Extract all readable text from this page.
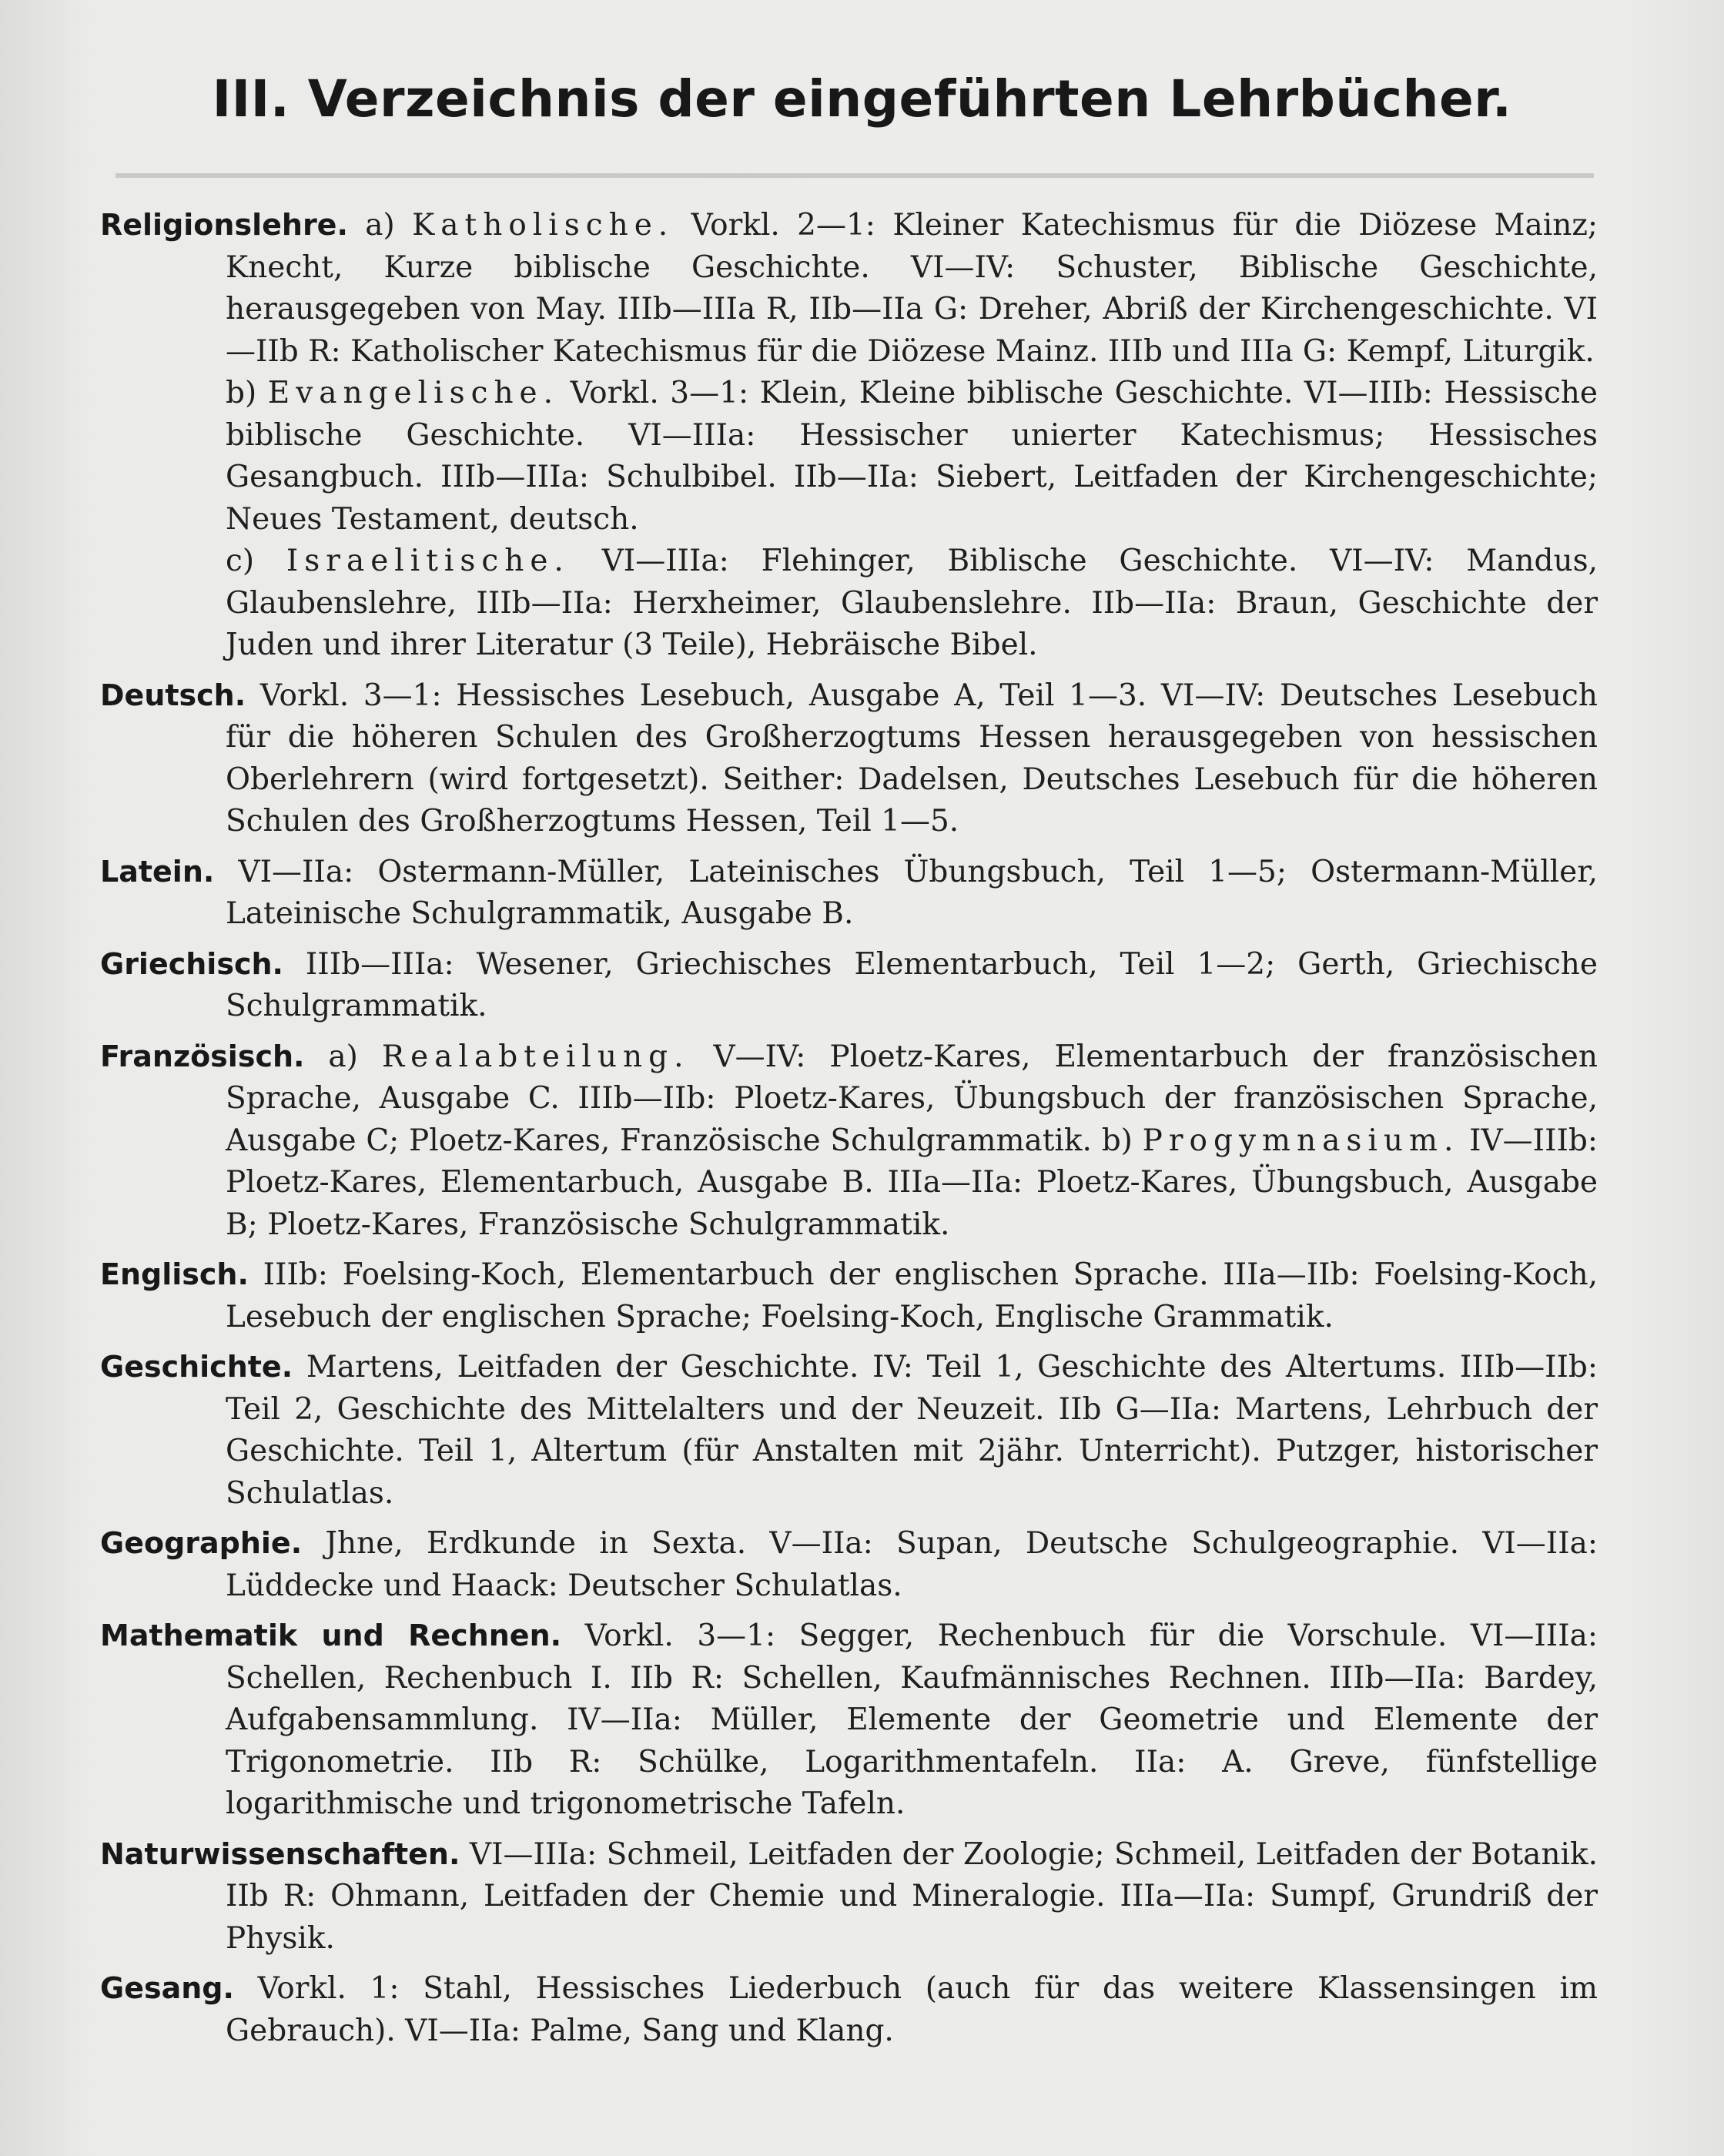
III. Verzeichnis der eingeführten Lehrbücher.

Religionslehre. a) Katholische. Vorkl. 2—1: Kleiner Katechismus für die Diözese Mainz; Knecht, Kurze biblische Geschichte. VI—IV: Schuster, Biblische Geschichte, herausgegeben von May. IIIb—IIIa R, IIb—IIa G: Dreher, Abriß der Kirchengeschichte. VI—IIb R: Katholischer Katechismus für die Diözese Mainz. IIIb und IIIa G: Kempf, Liturgik.

b) Evangelische. Vorkl. 3—1: Klein, Kleine biblische Geschichte. VI—IIIb: Hessische biblische Geschichte. VI—IIIa: Hessischer unierter Katechismus; Hessisches Gesangbuch. IIIb—IIIa: Schulbibel. IIb—IIa: Siebert, Leitfaden der Kirchengeschichte; Neues Testament, deutsch.

c) Israelitische. VI—IIIa: Flehinger, Biblische Geschichte. VI—IV: Mandus, Glaubenslehre, IIIb—IIa: Herxheimer, Glaubenslehre. IIb—IIa: Braun, Geschichte der Juden und ihrer Literatur (3 Teile), Hebräische Bibel.

Deutsch. Vorkl. 3—1: Hessisches Lesebuch, Ausgabe A, Teil 1—3. VI—IV: Deutsches Lesebuch für die höheren Schulen des Großherzogtums Hessen herausgegeben von hessischen Oberlehrern (wird fortgesetzt). Seither: Dadelsen, Deutsches Lesebuch für die höheren Schulen des Großherzogtums Hessen, Teil 1—5.

Latein. VI—IIa: Ostermann-Müller, Lateinisches Übungsbuch, Teil 1—5; Ostermann-Müller, Lateinische Schulgrammatik, Ausgabe B.

Griechisch. IIIb—IIIa: Wesener, Griechisches Elementarbuch, Teil 1—2; Gerth, Griechische Schulgrammatik.

Französisch. a) Realabteilung. V—IV: Ploetz-Kares, Elementarbuch der französischen Sprache, Ausgabe C. IIIb—IIb: Ploetz-Kares, Übungsbuch der französischen Sprache, Ausgabe C; Ploetz-Kares, Französische Schulgrammatik. b) Progymnasium. IV—IIIb: Ploetz-Kares, Elementarbuch, Ausgabe B. IIIa—IIa: Ploetz-Kares, Übungsbuch, Ausgabe B; Ploetz-Kares, Französische Schulgrammatik.

Englisch. IIIb: Foelsing-Koch, Elementarbuch der englischen Sprache. IIIa—IIb: Foelsing-Koch, Lesebuch der englischen Sprache; Foelsing-Koch, Englische Grammatik.

Geschichte. Martens, Leitfaden der Geschichte. IV: Teil 1, Geschichte des Altertums. IIIb—IIb: Teil 2, Geschichte des Mittelalters und der Neuzeit. IIb G—IIa: Martens, Lehrbuch der Geschichte. Teil 1, Altertum (für Anstalten mit 2jähr. Unterricht). Putzger, historischer Schulatlas.

Geographie. Jhne, Erdkunde in Sexta. V—IIa: Supan, Deutsche Schulgeographie. VI—IIa: Lüddecke und Haack: Deutscher Schulatlas.

Mathematik und Rechnen. Vorkl. 3—1: Segger, Rechenbuch für die Vorschule. VI—IIIa: Schellen, Rechenbuch I. IIb R: Schellen, Kaufmännisches Rechnen. IIIb—IIa: Bardey, Aufgabensammlung. IV—IIa: Müller, Elemente der Geometrie und Elemente der Trigonometrie. IIb R: Schülke, Logarithmentafeln. IIa: A. Greve, fünfstellige logarithmische und trigonometrische Tafeln.

Naturwissenschaften. VI—IIIa: Schmeil, Leitfaden der Zoologie; Schmeil, Leitfaden der Botanik. IIb R: Ohmann, Leitfaden der Chemie und Mineralogie. IIIa—IIa: Sumpf, Grundriß der Physik.

Gesang. Vorkl. 1: Stahl, Hessisches Liederbuch (auch für das weitere Klassensingen im Gebrauch). VI—IIa: Palme, Sang und Klang.
